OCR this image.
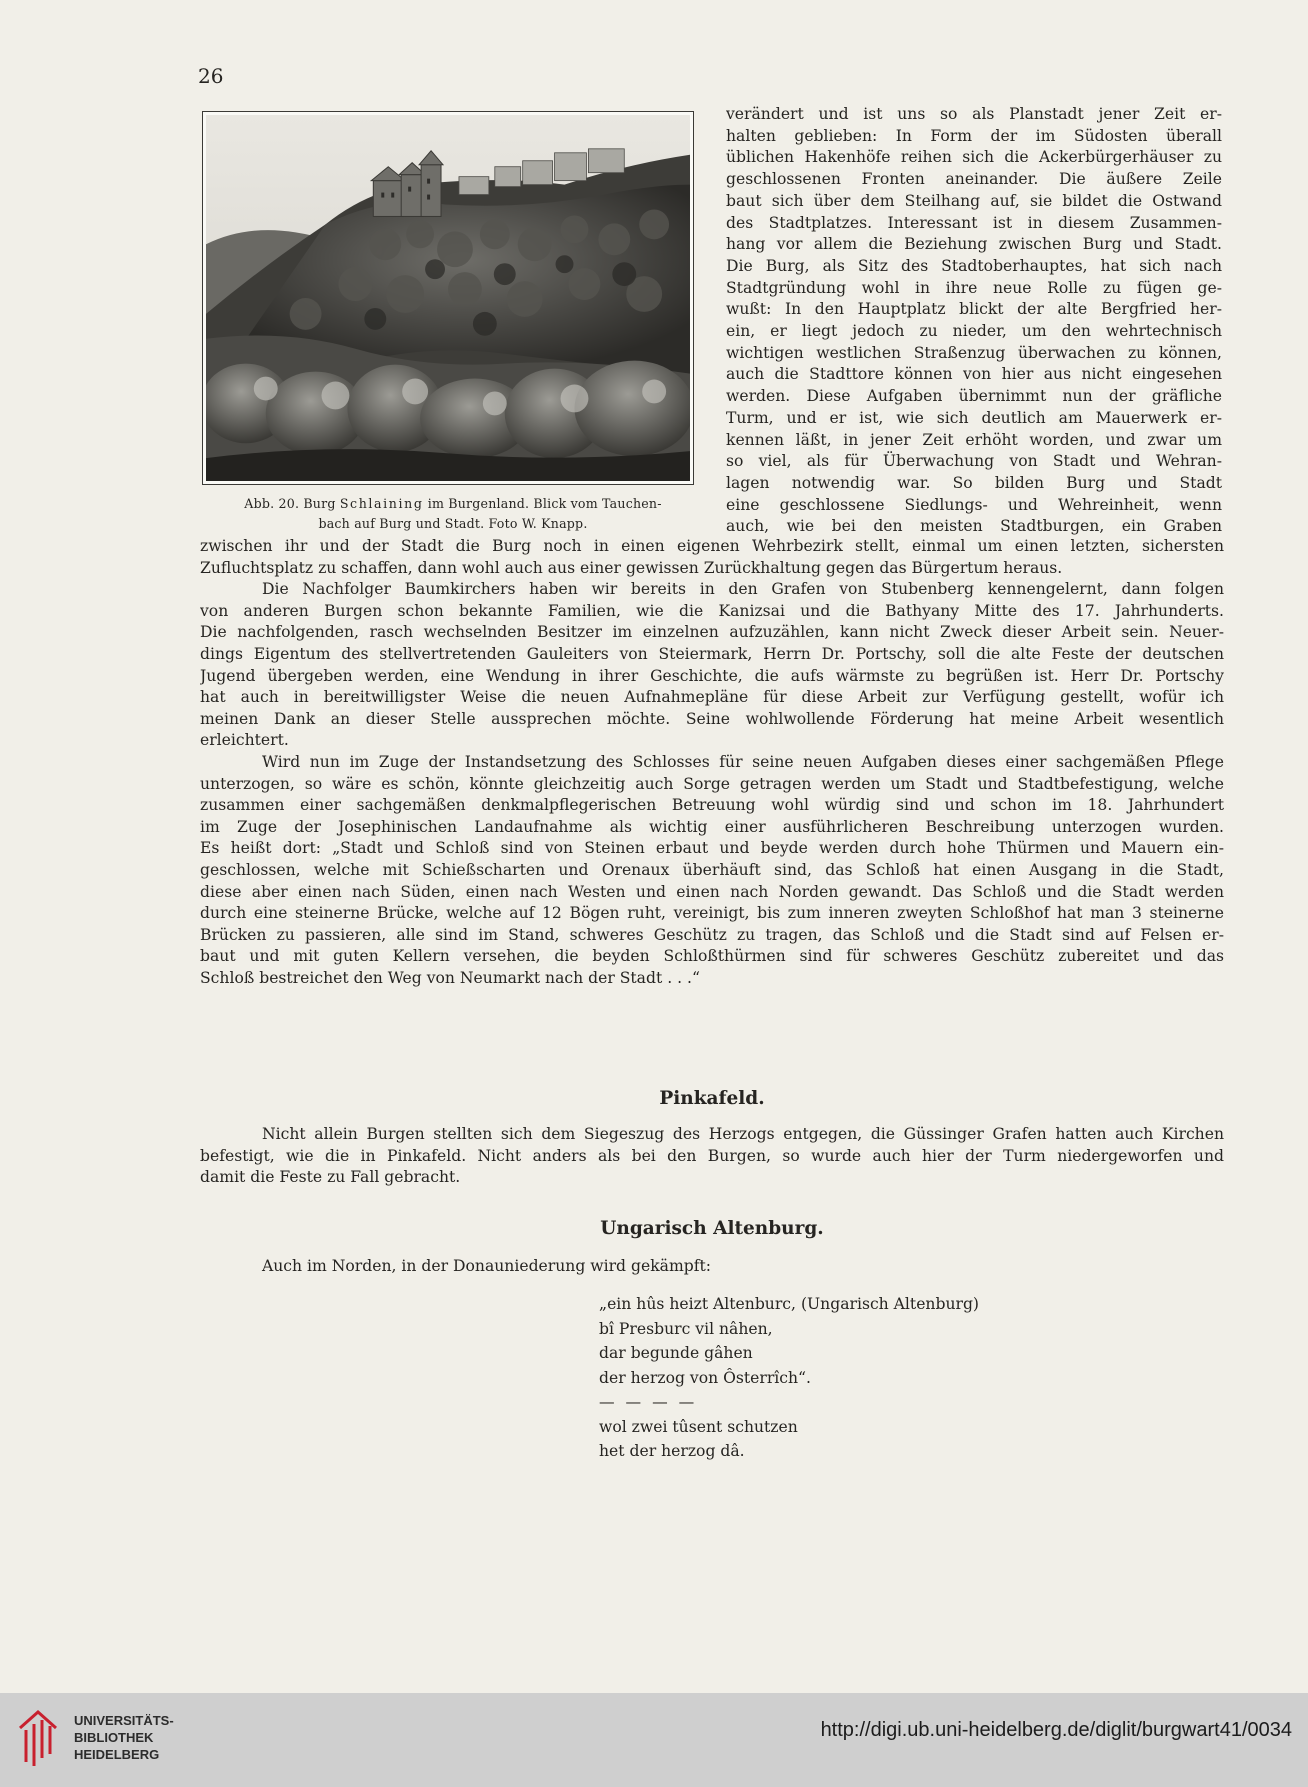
26
Abb. 20. Burg Schlaining im Burgenland. Blick vom Tauchen-
bach auf Burg und Stadt. Foto W. Knapp.
verändert und ist uns so als Planstadt jener Zeit er-
halten geblieben: In Form der im Südosten überall
üblichen Hakenhöfe reihen sich die Ackerbürgerhäuser zu
geschlossenen Fronten aneinander. Die äußere Zeile
baut sich über dem Steilhang auf, sie bildet die Ostwand
des Stadtplatzes. Interessant ist in diesem Zusammen-
hang vor allem die Beziehung zwischen Burg und Stadt.
Die Burg, als Sitz des Stadtoberhauptes, hat sich nach
Stadtgründung wohl in ihre neue Rolle zu fügen ge-
wußt: In den Hauptplatz blickt der alte Bergfried her-
ein, er liegt jedoch zu nieder, um den wehrtechnisch
wichtigen westlichen Straßenzug überwachen zu können,
auch die Stadttore können von hier aus nicht eingesehen
werden. Diese Aufgaben übernimmt nun der gräfliche
Turm, und er ist, wie sich deutlich am Mauerwerk er-
kennen läßt, in jener Zeit erhöht worden, und zwar um
so viel, als für Überwachung von Stadt und Wehran-
lagen notwendig war. So bilden Burg und Stadt
eine geschlossene Siedlungs- und Wehreinheit, wenn
auch, wie bei den meisten Stadtburgen, ein Graben
zwischen ihr und der Stadt die Burg noch in einen eigenen Wehrbezirk stellt, einmal um einen letzten, sichersten
Zufluchtsplatz zu schaffen, dann wohl auch aus einer gewissen Zurückhaltung gegen das Bürgertum heraus.
Die Nachfolger Baumkirchers haben wir bereits in den Grafen von Stubenberg kennengelernt, dann folgen
von anderen Burgen schon bekannte Familien, wie die Kanizsai und die Bathyany Mitte des 17. Jahrhunderts.
Die nachfolgenden, rasch wechselnden Besitzer im einzelnen aufzuzählen, kann nicht Zweck dieser Arbeit sein. Neuer-
dings Eigentum des stellvertretenden Gauleiters von Steiermark, Herrn Dr. Portschy, soll die alte Feste der deutschen
Jugend übergeben werden, eine Wendung in ihrer Geschichte, die aufs wärmste zu begrüßen ist. Herr Dr. Portschy
hat auch in bereitwilligster Weise die neuen Aufnahmepläne für diese Arbeit zur Verfügung gestellt, wofür ich
meinen Dank an dieser Stelle aussprechen möchte. Seine wohlwollende Förderung hat meine Arbeit wesentlich
erleichtert.
Wird nun im Zuge der Instandsetzung des Schlosses für seine neuen Aufgaben dieses einer sachgemäßen Pflege
unterzogen, so wäre es schön, könnte gleichzeitig auch Sorge getragen werden um Stadt und Stadtbefestigung, welche
zusammen einer sachgemäßen denkmalpflegerischen Betreuung wohl würdig sind und schon im 18. Jahrhundert
im Zuge der Josephinischen Landaufnahme als wichtig einer ausführlicheren Beschreibung unterzogen wurden.
Es heißt dort: „Stadt und Schloß sind von Steinen erbaut und beyde werden durch hohe Thürmen und Mauern ein-
geschlossen, welche mit Schießscharten und Orenaux überhäuft sind, das Schloß hat einen Ausgang in die Stadt,
diese aber einen nach Süden, einen nach Westen und einen nach Norden gewandt. Das Schloß und die Stadt werden
durch eine steinerne Brücke, welche auf 12 Bögen ruht, vereinigt, bis zum inneren zweyten Schloßhof hat man 3 steinerne
Brücken zu passieren, alle sind im Stand, schweres Geschütz zu tragen, das Schloß und die Stadt sind auf Felsen er-
baut und mit guten Kellern versehen, die beyden Schloßthürmen sind für schweres Geschütz zubereitet und das
Schloß bestreichet den Weg von Neumarkt nach der Stadt . . .“
Pinkafeld.
Nicht allein Burgen stellten sich dem Siegeszug des Herzogs entgegen, die Güssinger Grafen hatten auch Kirchen
befestigt, wie die in Pinkafeld. Nicht anders als bei den Burgen, so wurde auch hier der Turm niedergeworfen und
damit die Feste zu Fall gebracht.
Ungarisch Altenburg.
Auch im Norden, in der Donauniederung wird gekämpft:
„ein hûs heizt Altenburc, (Ungarisch Altenburg)
bî Presburc vil nâhen,
dar begunde gâhen
der herzog von Ôsterrîch“.
— — — —
wol zwei tûsent schutzen
het der herzog dâ.
UNIVERSITÄTS-
BIBLIOTHEK
HEIDELBERG
http://digi.ub.uni-heidelberg.de/diglit/burgwart41/0034
